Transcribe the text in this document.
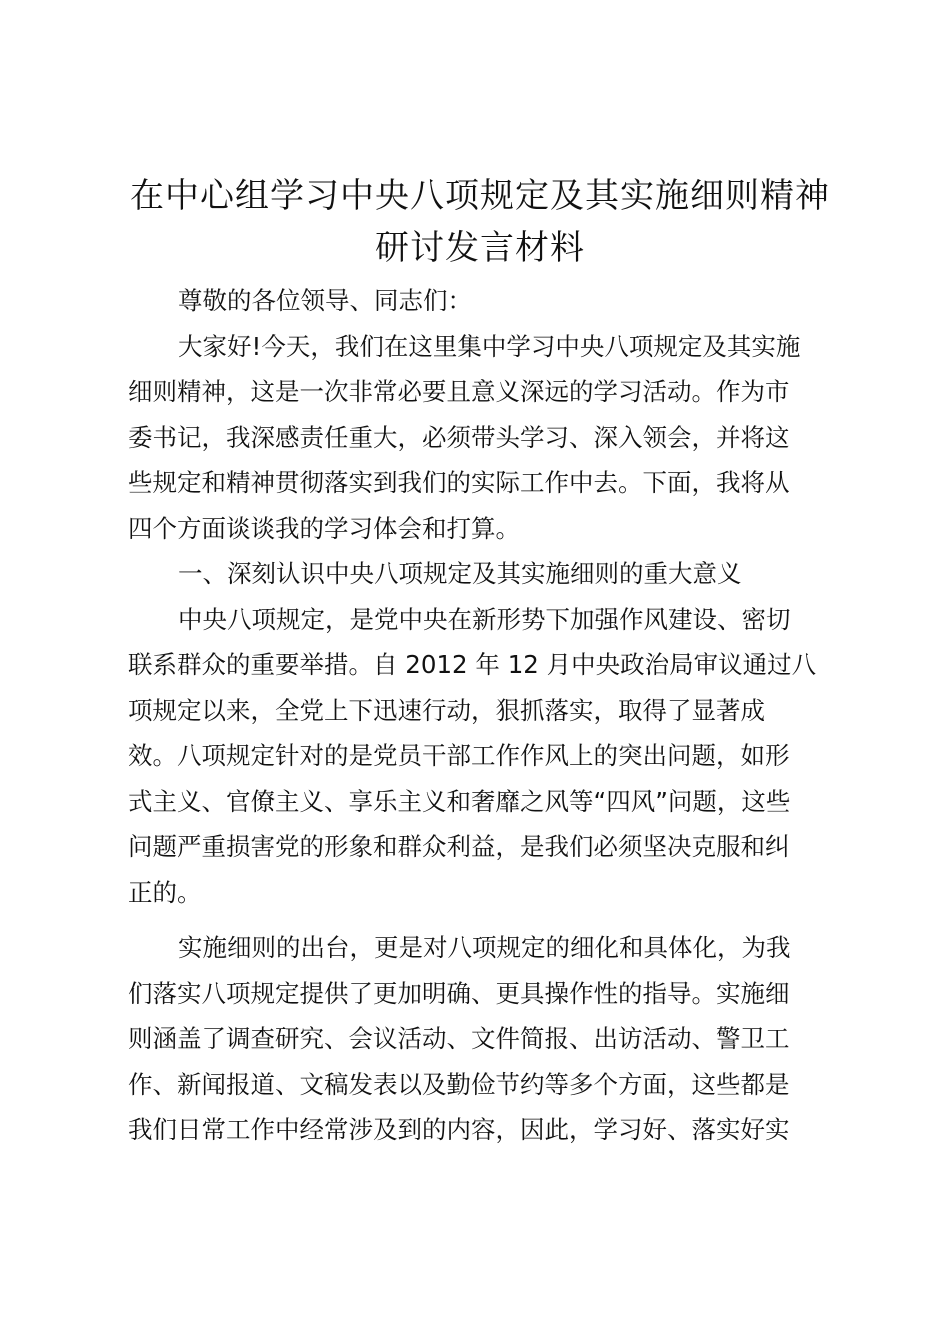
在中心组学习中央八项规定及其实施细则精神
研讨发言材料
尊敬的各位领导、同志们：
大家好!今天，我们在这里集中学习中央八项规定及其实施
细则精神，这是一次非常必要且意义深远的学习活动。作为市
委书记，我深感责任重大，必须带头学习、深入领会，并将这
些规定和精神贯彻落实到我们的实际工作中去。下面，我将从
四个方面谈谈我的学习体会和打算。
一、深刻认识中央八项规定及其实施细则的重大意义
中央八项规定，是党中央在新形势下加强作风建设、密切
联系群众的重要举措。自 2012 年 12 月中央政治局审议通过八
项规定以来，全党上下迅速行动，狠抓落实，取得了显著成
效。八项规定针对的是党员干部工作作风上的突出问题，如形
式主义、官僚主义、享乐主义和奢靡之风等“四风”问题，这些
问题严重损害党的形象和群众利益，是我们必须坚决克服和纠
正的。
实施细则的出台，更是对八项规定的细化和具体化，为我
们落实八项规定提供了更加明确、更具操作性的指导。实施细
则涵盖了调查研究、会议活动、文件简报、出访活动、警卫工
作、新闻报道、文稿发表以及勤俭节约等多个方面，这些都是
我们日常工作中经常涉及到的内容，因此，学习好、落实好实
